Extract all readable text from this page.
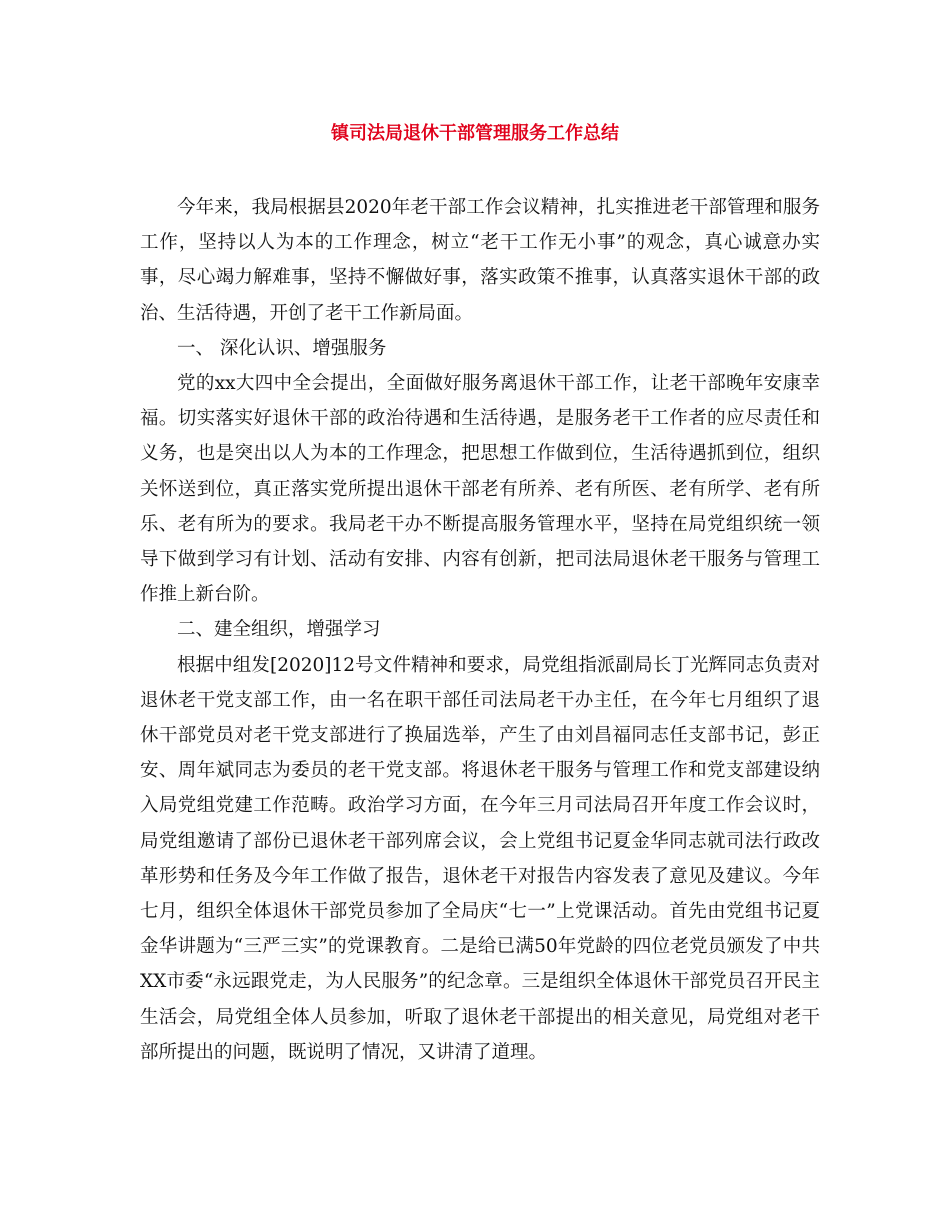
镇司法局退休干部管理服务工作总结

今年来，我局根据县2020年老干部工作会议精神，扎实推进老干部管理和服务工作，坚持以人为本的工作理念，树立“老干工作无小事”的观念，真心诚意办实事，尽心竭力解难事，坚持不懈做好事，落实政策不推事，认真落实退休干部的政治、生活待遇，开创了老干工作新局面。

一、 深化认识、增强服务

党的xx大四中全会提出，全面做好服务离退休干部工作，让老干部晚年安康幸福。切实落实好退休干部的政治待遇和生活待遇，是服务老干工作者的应尽责任和义务，也是突出以人为本的工作理念，把思想工作做到位，生活待遇抓到位，组织关怀送到位，真正落实党所提出退休干部老有所养、老有所医、老有所学、老有所乐、老有所为的要求。我局老干办不断提高服务管理水平，坚持在局党组织统一领导下做到学习有计划、活动有安排、内容有创新，把司法局退休老干服务与管理工作推上新台阶。

二、建全组织，增强学习

根据中组发[2020]12号文件精神和要求，局党组指派副局长丁光辉同志负责对退休老干党支部工作，由一名在职干部任司法局老干办主任，在今年七月组织了退休干部党员对老干党支部进行了换届选举，产生了由刘昌福同志任支部书记，彭正安、周年斌同志为委员的老干党支部。将退休老干服务与管理工作和党支部建设纳入局党组党建工作范畴。政治学习方面，在今年三月司法局召开年度工作会议时，局党组邀请了部份已退休老干部列席会议，会上党组书记夏金华同志就司法行政改革形势和任务及今年工作做了报告，退休老干对报告内容发表了意见及建议。今年七月，组织全体退休干部党员参加了全局庆“七一”上党课活动。首先由党组书记夏金华讲题为“三严三实”的党课教育。二是给已满50年党龄的四位老党员颁发了中共XX市委“永远跟党走，为人民服务”的纪念章。三是组织全体退休干部党员召开民主生活会，局党组全体人员参加，听取了退休老干部提出的相关意见，局党组对老干部所提出的问题，既说明了情况，又讲清了道理。
